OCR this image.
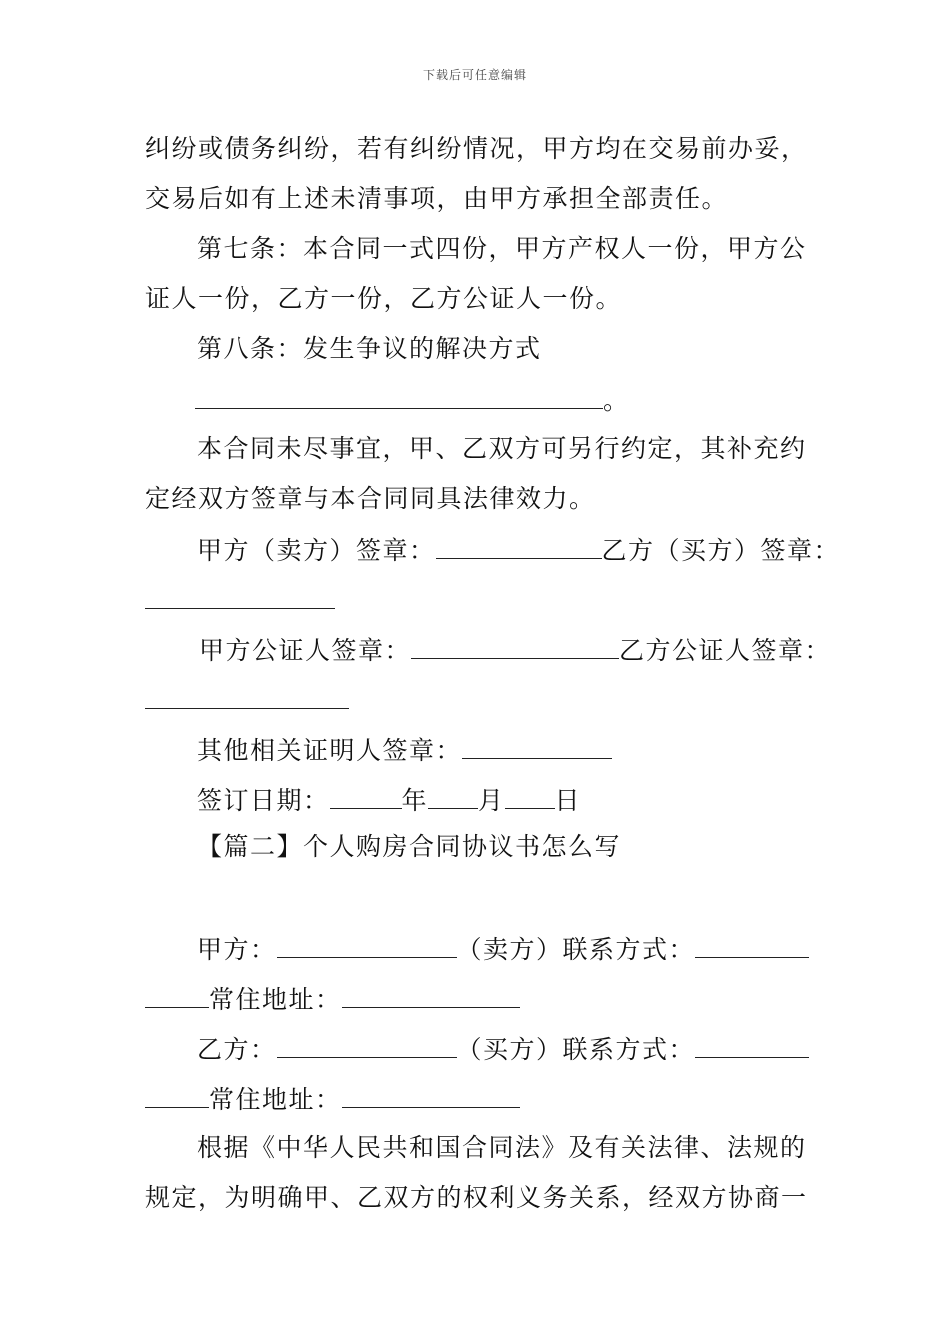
下载后可任意编辑
纠纷或债务纠纷，若有纠纷情况，甲方均在交易前办妥，
交易后如有上述未清事项，由甲方承担全部责任。
第七条：本合同一式四份，甲方产权人一份，甲方公
证人一份，乙方一份，乙方公证人一份。
第八条：发生争议的解决方式
。
本合同未尽事宜，甲、乙双方可另行约定，其补充约
定经双方签章与本合同同具法律效力。
甲方（卖方）签章：	乙方（买方）签章：
甲方公证人签章：	乙方公证人签章：
其他相关证明人签章：
签订日期：	年 月 日
【篇二】个人购房合同协议书怎么写
甲方：	（卖方）联系方式：
常住地址：
乙方：	（买方）联系方式：
常住地址：
根据《中华人民共和国合同法》及有关法律、法规的
规定，为明确甲、乙双方的权利义务关系，经双方协商一
